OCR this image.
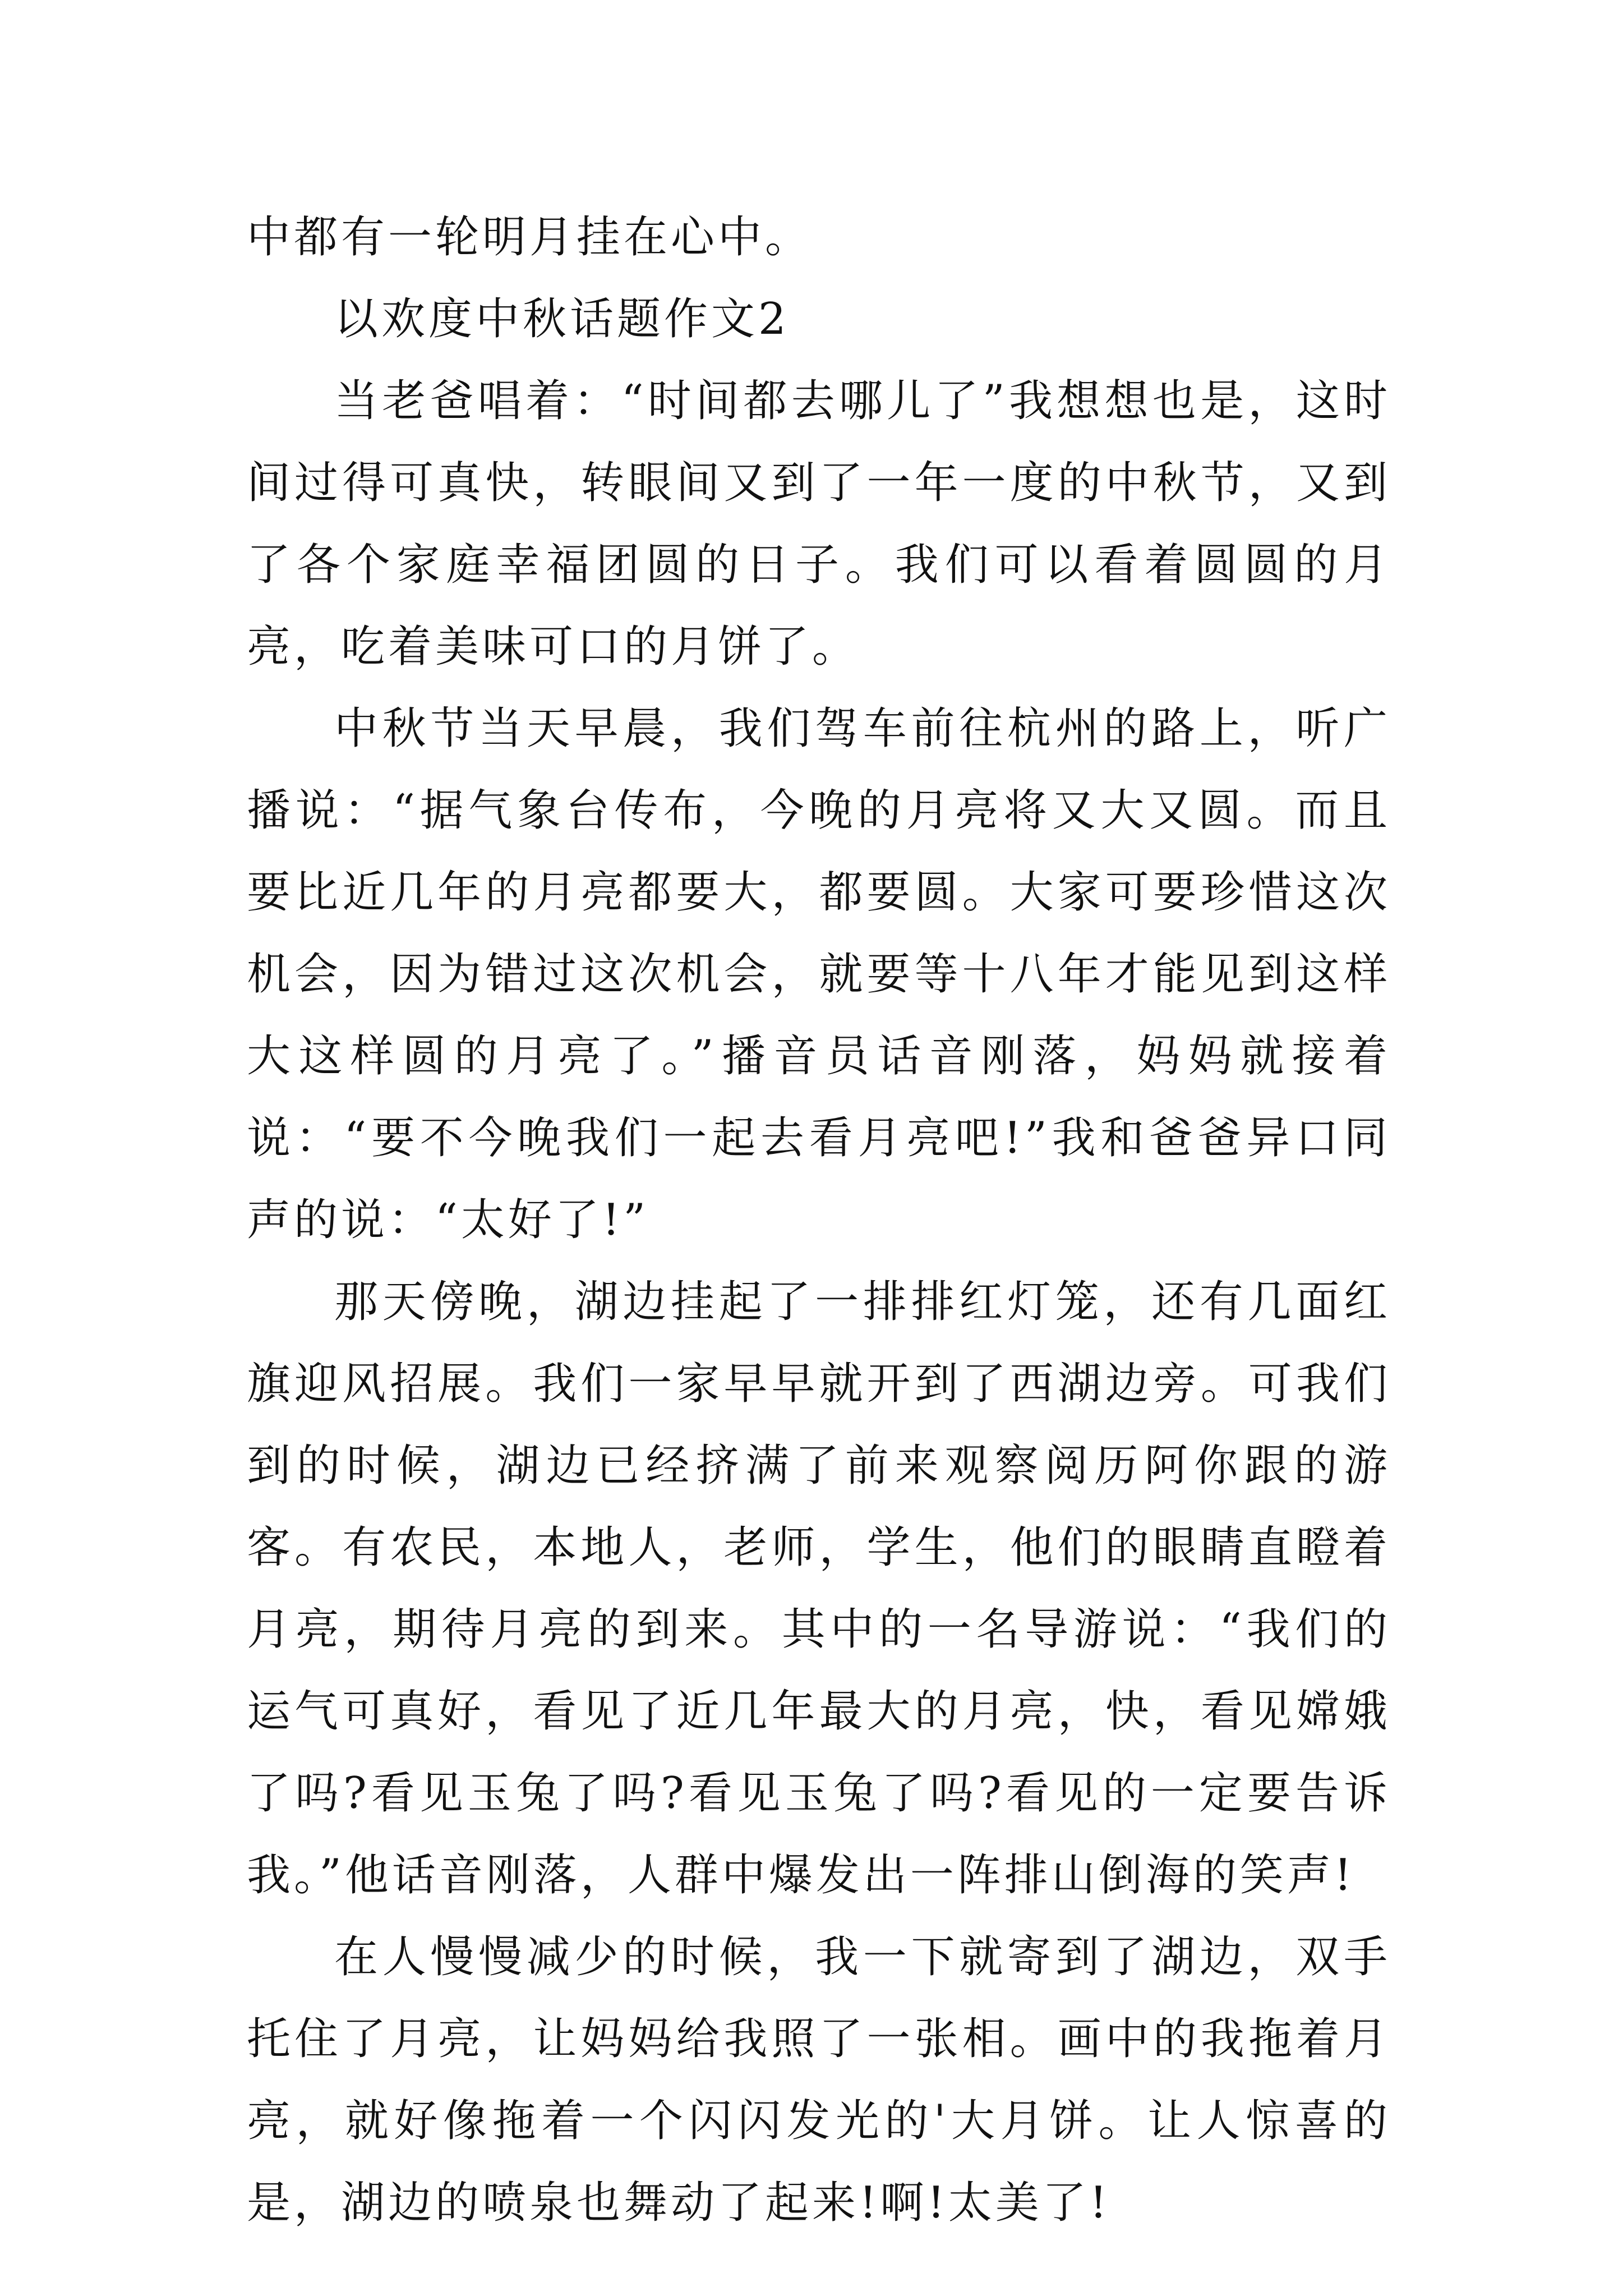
中都有一轮明月挂在心中。

以欢度中秋话题作文2

当老爸唱着：“时间都去哪儿了”我想想也是，这时间过得可真快，转眼间又到了一年一度的中秋节，又到了各个家庭幸福团圆的日子。我们可以看着圆圆的月亮，吃着美味可口的月饼了。

中秋节当天早晨，我们驾车前往杭州的路上，听广播说：“据气象台传布，今晚的月亮将又大又圆。而且要比近几年的月亮都要大，都要圆。大家可要珍惜这次机会，因为错过这次机会，就要等十八年才能见到这样大这样圆的月亮了。”播音员话音刚落，妈妈就接着说：“要不今晚我们一起去看月亮吧!”我和爸爸异口同声的说：“太好了!”

那天傍晚，湖边挂起了一排排红灯笼，还有几面红旗迎风招展。我们一家早早就开到了西湖边旁。可我们到的时候，湖边已经挤满了前来观察阅历阿你跟的游客。有农民，本地人，老师，学生，他们的眼睛直瞪着月亮，期待月亮的到来。其中的一名导游说：“我们的运气可真好，看见了近几年最大的月亮，快，看见嫦娥了吗?看见玉兔了吗?看见玉兔了吗?看见的一定要告诉我。”他话音刚落，人群中爆发出一阵排山倒海的笑声!

在人慢慢减少的时候，我一下就寄到了湖边，双手托住了月亮，让妈妈给我照了一张相。画中的我拖着月亮，就好像拖着一个闪闪发光的'大月饼。让人惊喜的是，湖边的喷泉也舞动了起来!啊!太美了!
